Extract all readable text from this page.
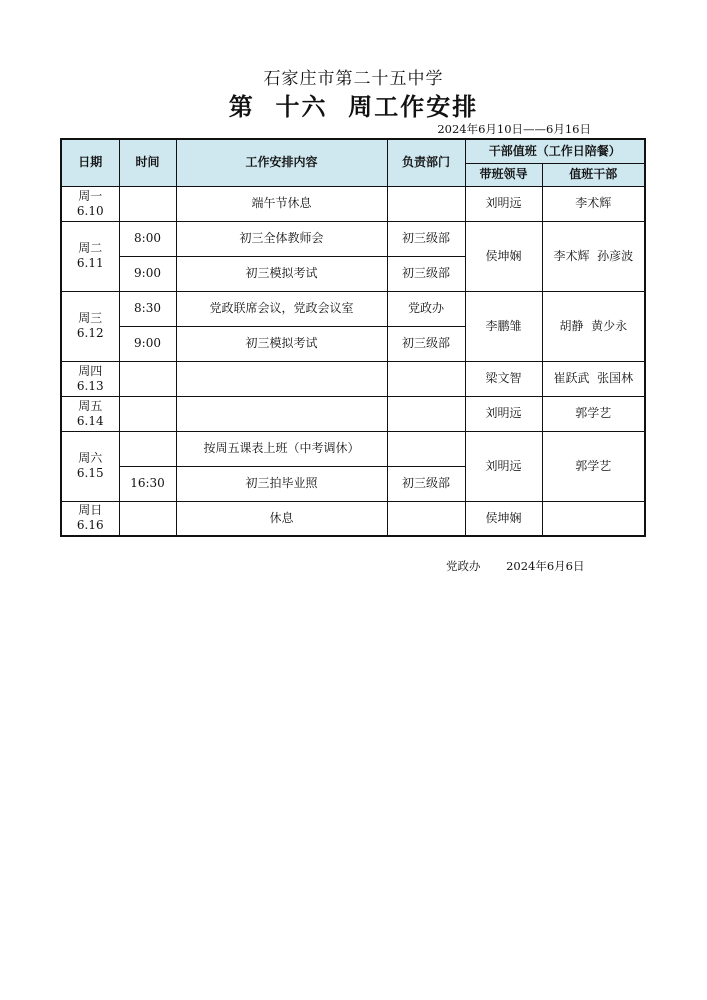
石家庄市第二十五中学
第  十六  周工作安排
2024年6月10日——6月16日
日期	时间	工作安排内容	负责部门	干部值班（工作日陪餐）	
				带班领导	值班干部
周一
6.10		端午节休息		刘明远	李术辉
周二
6.11	8:00	初三全体教师会	初三级部	侯坤娴	李术辉  孙彦波
	9:00	初三模拟考试	初三级部		
周三
6.12	8:30	党政联席会议，党政会议室	党政办	李鹏雏	胡静  黄少永
	9:00	初三模拟考试	初三级部		
周四
6.13				梁文智	崔跃武  张国林
周五
6.14				刘明远	郭学艺
周六
6.15		按周五课表上班（中考调休）		刘明远	郭学艺
	16:30	初三拍毕业照	初三级部		
周日
6.16		休息		侯坤娴	
党政办 2024年6月6日
